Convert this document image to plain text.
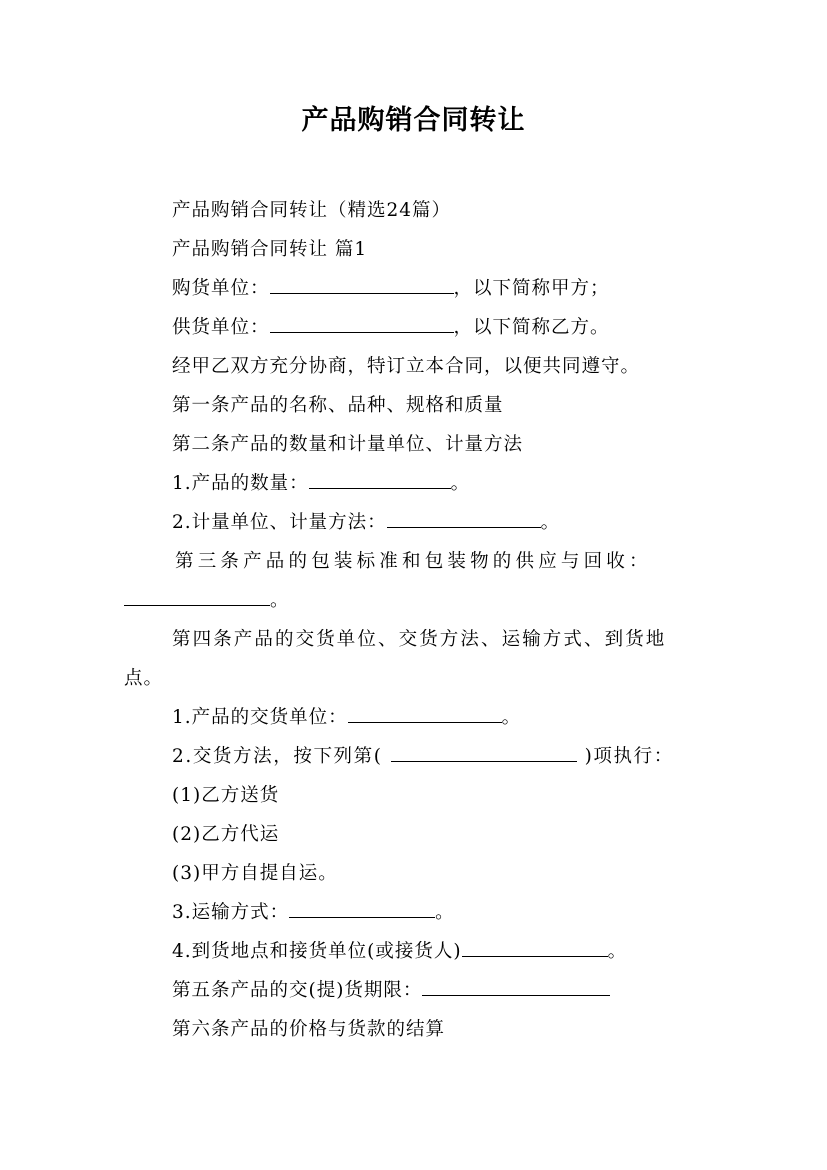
产品购销合同转让
产品购销合同转让（精选24篇）
产品购销合同转让 篇1
购货单位：	，以下简称甲方；
供货单位：	，以下简称乙方。
经甲乙双方充分协商，特订立本合同，以便共同遵守。
第一条产品的名称、品种、规格和质量
第二条产品的数量和计量单位、计量方法
1.产品的数量：	。
2.计量单位、计量方法：	。
第三条产品的包装标准和包装物的供应与回收：
。
第四条产品的交货单位、交货方法、运输方式、到货地
点。
1.产品的交货单位：	。
2.交货方法，按下列第(	)项执行：
(1)乙方送货
(2)乙方代运
(3)甲方自提自运。
3.运输方式：	。
4.到货地点和接货单位(或接货人)	。
第五条产品的交(提)货期限：
第六条产品的价格与货款的结算
